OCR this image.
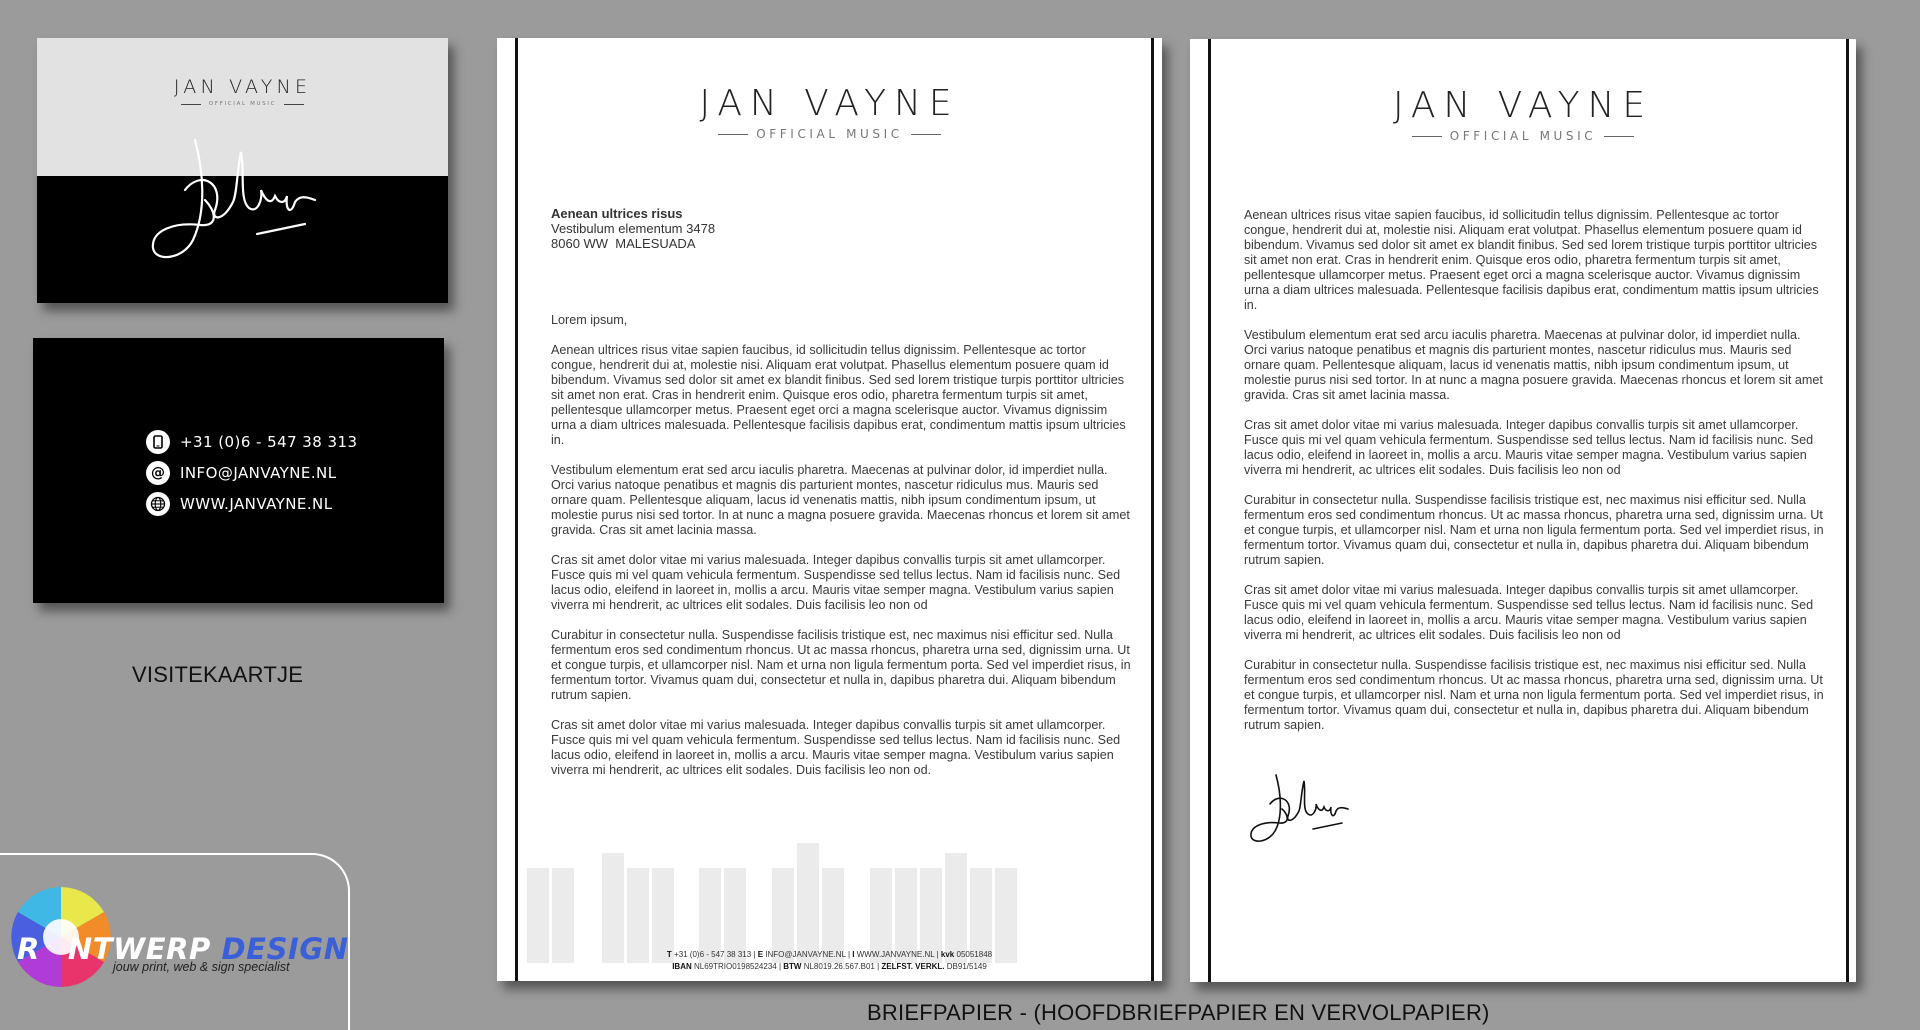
JAN VAYNE
OFFICIAL MUSIC
+31 (0)6 - 547 38 313
@	INFO@JANVAYNE.NL
WWW.JANVAYNE.NL
VISITEKAARTJE
JAN VAYNE
OFFICIAL MUSIC
Aenean ultrices risus
Vestibulum elementum 3478
8060 WW  MALESUADA

Lorem ipsum,

Aenean ultrices risus vitae sapien faucibus, id sollicitudin tellus dignissim. Pellentesque ac tortor congue, hendrerit dui at, molestie nisi. Aliquam erat volutpat. Phasellus elementum posuere quam id bibendum. Vivamus sed dolor sit amet ex blandit finibus. Sed sed lorem tristique turpis porttitor ultricies sit amet non erat. Cras in hendrerit enim. Quisque eros odio, pharetra fermentum turpis sit amet, pellentesque ullamcorper metus. Praesent eget orci a magna scelerisque auctor. Vivamus dignissim urna a diam ultrices malesuada. Pellentesque facilisis dapibus erat, condimentum mattis ipsum ultricies in.

Vestibulum elementum erat sed arcu iaculis pharetra. Maecenas at pulvinar dolor, id imperdiet nulla. Orci varius natoque penatibus et magnis dis parturient montes, nascetur ridiculus mus. Mauris sed ornare quam. Pellentesque aliquam, lacus id venenatis mattis, nibh ipsum condimentum ipsum, ut molestie purus nisi sed tortor. In at nunc a magna posuere gravida. Maecenas rhoncus et lorem sit amet gravida. Cras sit amet lacinia massa.

Cras sit amet dolor vitae mi varius malesuada. Integer dapibus convallis turpis sit amet ullamcorper. Fusce quis mi vel quam vehicula fermentum. Suspendisse sed tellus lectus. Nam id facilisis nunc. Sed lacus odio, eleifend in laoreet in, mollis a arcu. Mauris vitae semper magna. Vestibulum varius sapien viverra mi hendrerit, ac ultrices elit sodales. Duis facilisis leo non od

Curabitur in consectetur nulla. Suspendisse facilisis tristique est, nec maximus nisi efficitur sed. Nulla fermentum eros sed condimentum rhoncus. Ut ac massa rhoncus, pharetra urna sed, dignissim urna. Ut et congue turpis, et ullamcorper nisl. Nam et urna non ligula fermentum porta. Sed vel imperdiet risus, in fermentum tortor. Vivamus quam dui, consectetur et nulla in, dapibus pharetra dui. Aliquam bibendum rutrum sapien.

Cras sit amet dolor vitae mi varius malesuada. Integer dapibus convallis turpis sit amet ullamcorper. Fusce quis mi vel quam vehicula fermentum. Suspendisse sed tellus lectus. Nam id facilisis nunc. Sed lacus odio, eleifend in laoreet in, mollis a arcu. Mauris vitae semper magna. Vestibulum varius sapien viverra mi hendrerit, ac ultrices elit sodales. Duis facilisis leo non od.

T +31 (0)6 - 547 38 313 | E INFO@JANVAYNE.NL | I WWW.JANVAYNE.NL | kvk 05051848
IBAN NL69TRIO0198524234 | BTW NL8019.26.567.B01 | ZELFST. VERKL. DB91/5149
JAN VAYNE
OFFICIAL MUSIC

Aenean ultrices risus vitae sapien faucibus, id sollicitudin tellus dignissim. Pellentesque ac tortor congue, hendrerit dui at, molestie nisi. Aliquam erat volutpat. Phasellus elementum posuere quam id bibendum. Vivamus sed dolor sit amet ex blandit finibus. Sed sed lorem tristique turpis porttitor ultricies sit amet non erat. Cras in hendrerit enim. Quisque eros odio, pharetra fermentum turpis sit amet, pellentesque ullamcorper metus. Praesent eget orci a magna scelerisque auctor. Vivamus dignissim urna a diam ultrices malesuada. Pellentesque facilisis dapibus erat, condimentum mattis ipsum ultricies in.

Vestibulum elementum erat sed arcu iaculis pharetra. Maecenas at pulvinar dolor, id imperdiet nulla. Orci varius natoque penatibus et magnis dis parturient montes, nascetur ridiculus mus. Mauris sed ornare quam. Pellentesque aliquam, lacus id venenatis mattis, nibh ipsum condimentum ipsum, ut molestie purus nisi sed tortor. In at nunc a magna posuere gravida. Maecenas rhoncus et lorem sit amet gravida. Cras sit amet lacinia massa.

Cras sit amet dolor vitae mi varius malesuada. Integer dapibus convallis turpis sit amet ullamcorper. Fusce quis mi vel quam vehicula fermentum. Suspendisse sed tellus lectus. Nam id facilisis nunc. Sed lacus odio, eleifend in laoreet in, mollis a arcu. Mauris vitae semper magna. Vestibulum varius sapien viverra mi hendrerit, ac ultrices elit sodales. Duis facilisis leo non od

Curabitur in consectetur nulla. Suspendisse facilisis tristique est, nec maximus nisi efficitur sed. Nulla fermentum eros sed condimentum rhoncus. Ut ac massa rhoncus, pharetra urna sed, dignissim urna. Ut et congue turpis, et ullamcorper nisl. Nam et urna non ligula fermentum porta. Sed vel imperdiet risus, in fermentum tortor. Vivamus quam dui, consectetur et nulla in, dapibus pharetra dui. Aliquam bibendum rutrum sapien.

Cras sit amet dolor vitae mi varius malesuada. Integer dapibus convallis turpis sit amet ullamcorper. Fusce quis mi vel quam vehicula fermentum. Suspendisse sed tellus lectus. Nam id facilisis nunc. Sed lacus odio, eleifend in laoreet in, mollis a arcu. Mauris vitae semper magna. Vestibulum varius sapien viverra mi hendrerit, ac ultrices elit sodales. Duis facilisis leo non od

Curabitur in consectetur nulla. Suspendisse facilisis tristique est, nec maximus nisi efficitur sed. Nulla fermentum eros sed condimentum rhoncus. Ut ac massa rhoncus, pharetra urna sed, dignissim urna. Ut et congue turpis, et ullamcorper nisl. Nam et urna non ligula fermentum porta. Sed vel imperdiet risus, in fermentum tortor. Vivamus quam dui, consectetur et nulla in, dapibus pharetra dui. Aliquam bibendum rutrum sapien.

BRIEFPAPIER - (HOOFDBRIEFPAPIER EN VERVOLPAPIER)
R NTWERP DESIGN
jouw print, web & sign specialist
